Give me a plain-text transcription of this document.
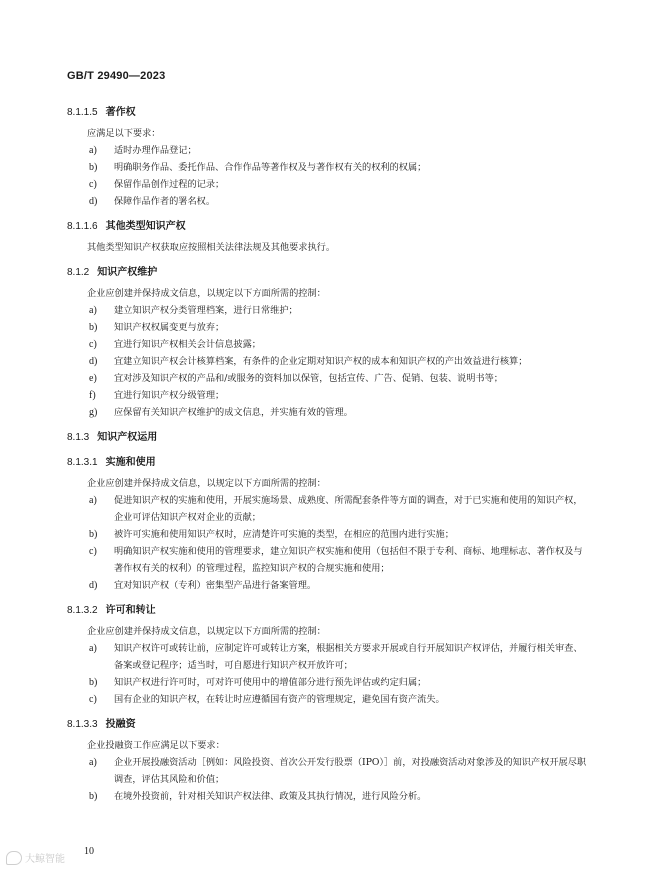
GB/T 29490—2023
8.1.1.5 著作权
应满足以下要求：
a) 适时办理作品登记；
b) 明确职务作品、委托作品、合作作品等著作权及与著作权有关的权利的权属；
c) 保留作品创作过程的记录；
d) 保障作品作者的署名权。
8.1.1.6 其他类型知识产权
其他类型知识产权获取应按照相关法律法规及其他要求执行。
8.1.2 知识产权维护
企业应创建并保持成文信息，以规定以下方面所需的控制：
a) 建立知识产权分类管理档案，进行日常维护；
b) 知识产权权属变更与放弃；
c) 宜进行知识产权相关会计信息披露；
d) 宜建立知识产权会计核算档案，有条件的企业定期对知识产权的成本和知识产权的产出效益进行核算；
e) 宜对涉及知识产权的产品和/或服务的资料加以保管，包括宣传、广告、促销、包装、说明书等；
f) 宜进行知识产权分级管理；
g) 应保留有关知识产权维护的成文信息，并实施有效的管理。
8.1.3 知识产权运用
8.1.3.1 实施和使用
企业应创建并保持成文信息，以规定以下方面所需的控制：
a) 促进知识产权的实施和使用，开展实施场景、成熟度、所需配套条件等方面的调查，对于已实施和使用的知识产权，企业可评估知识产权对企业的贡献；
b) 被许可实施和使用知识产权时，应清楚许可实施的类型，在相应的范围内进行实施；
c) 明确知识产权实施和使用的管理要求，建立知识产权实施和使用（包括但不限于专利、商标、地理标志、著作权及与著作权有关的权利）的管理过程，监控知识产权的合规实施和使用；
d) 宜对知识产权（专利）密集型产品进行备案管理。
8.1.3.2 许可和转让
企业应创建并保持成文信息，以规定以下方面所需的控制：
a) 知识产权许可或转让前，应制定许可或转让方案，根据相关方要求开展或自行开展知识产权评估，并履行相关审查、备案或登记程序；适当时，可自愿进行知识产权开放许可；
b) 知识产权进行许可时，可对许可使用中的增值部分进行预先评估或约定归属；
c) 国有企业的知识产权，在转让时应遵循国有资产的管理规定，避免国有资产流失。
8.1.3.3 投融资
企业投融资工作应满足以下要求：
a) 企业开展投融资活动［例如：风险投资、首次公开发行股票（IPO）］前，对投融资活动对象涉及的知识产权开展尽职调查，评估其风险和价值；
b) 在境外投资前，针对相关知识产权法律、政策及其执行情况，进行风险分析。
10
大鲸智能
